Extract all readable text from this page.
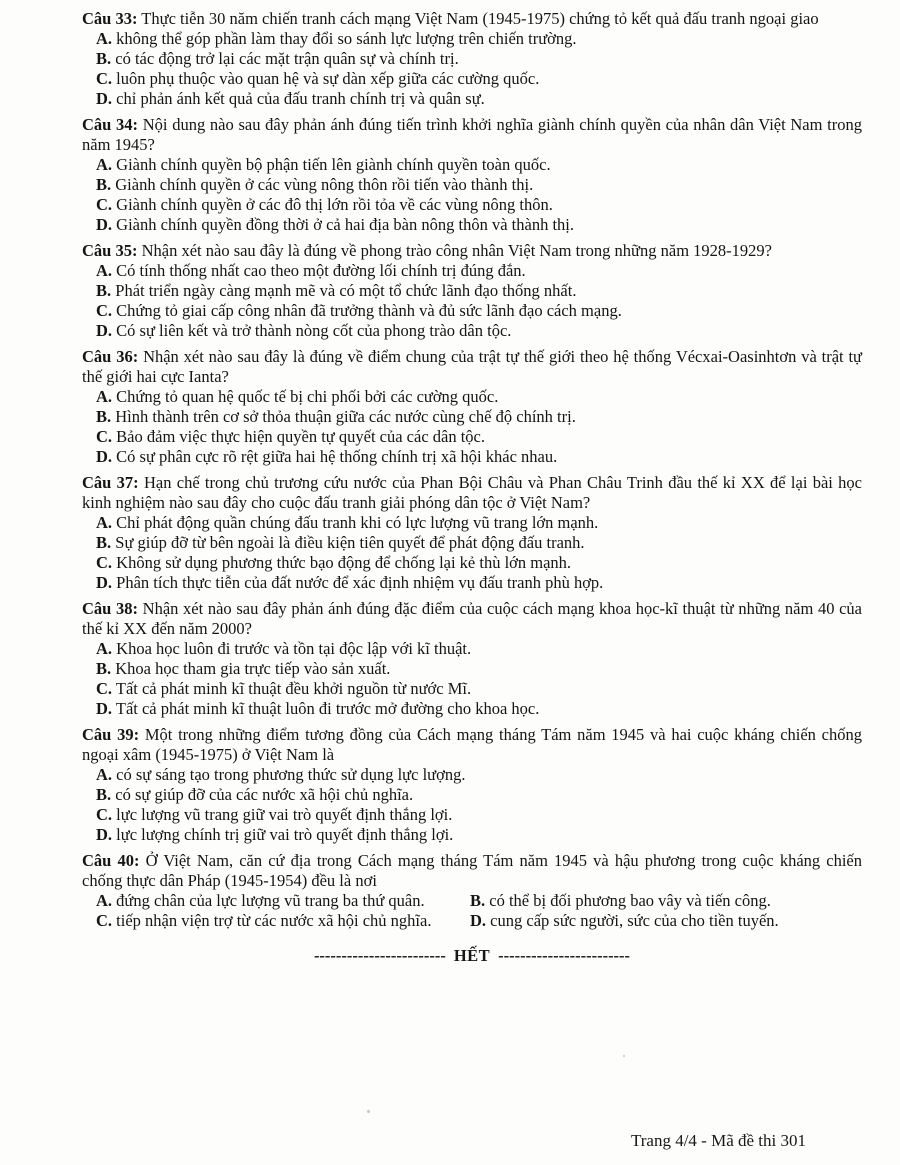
Câu 33: Thực tiễn 30 năm chiến tranh cách mạng Việt Nam (1945-1975) chứng tỏ kết quả đấu tranh ngoại giao

A. không thể góp phần làm thay đổi so sánh lực lượng trên chiến trường.

B. có tác động trở lại các mặt trận quân sự và chính trị.

C. luôn phụ thuộc vào quan hệ và sự dàn xếp giữa các cường quốc.

D. chỉ phản ánh kết quả của đấu tranh chính trị và quân sự.

Câu 34: Nội dung nào sau đây phản ánh đúng tiến trình khởi nghĩa giành chính quyền của nhân dân Việt Nam trong năm 1945?

A. Giành chính quyền bộ phận tiến lên giành chính quyền toàn quốc.

B. Giành chính quyền ở các vùng nông thôn rồi tiến vào thành thị.

C. Giành chính quyền ở các đô thị lớn rồi tỏa về các vùng nông thôn.

D. Giành chính quyền đồng thời ở cả hai địa bàn nông thôn và thành thị.

Câu 35: Nhận xét nào sau đây là đúng về phong trào công nhân Việt Nam trong những năm 1928-1929?

A. Có tính thống nhất cao theo một đường lối chính trị đúng đắn.

B. Phát triển ngày càng mạnh mẽ và có một tổ chức lãnh đạo thống nhất.

C. Chứng tỏ giai cấp công nhân đã trưởng thành và đủ sức lãnh đạo cách mạng.

D. Có sự liên kết và trở thành nòng cốt của phong trào dân tộc.

Câu 36: Nhận xét nào sau đây là đúng về điểm chung của trật tự thế giới theo hệ thống Vécxai-Oasinhtơn và trật tự thế giới hai cực Ianta?

A. Chứng tỏ quan hệ quốc tế bị chi phối bởi các cường quốc.

B. Hình thành trên cơ sở thỏa thuận giữa các nước cùng chế độ chính trị.

C. Bảo đảm việc thực hiện quyền tự quyết của các dân tộc.

D. Có sự phân cực rõ rệt giữa hai hệ thống chính trị xã hội khác nhau.

Câu 37: Hạn chế trong chủ trương cứu nước của Phan Bội Châu và Phan Châu Trinh đầu thế kỉ XX để lại bài học kinh nghiệm nào sau đây cho cuộc đấu tranh giải phóng dân tộc ở Việt Nam?

A. Chỉ phát động quần chúng đấu tranh khi có lực lượng vũ trang lớn mạnh.

B. Sự giúp đỡ từ bên ngoài là điều kiện tiên quyết để phát động đấu tranh.

C. Không sử dụng phương thức bạo động để chống lại kẻ thù lớn mạnh.

D. Phân tích thực tiễn của đất nước để xác định nhiệm vụ đấu tranh phù hợp.

Câu 38: Nhận xét nào sau đây phản ánh đúng đặc điểm của cuộc cách mạng khoa học-kĩ thuật từ những năm 40 của thế kỉ XX đến năm 2000?

A. Khoa học luôn đi trước và tồn tại độc lập với kĩ thuật.

B. Khoa học tham gia trực tiếp vào sản xuất.

C. Tất cả phát minh kĩ thuật đều khởi nguồn từ nước Mĩ.

D. Tất cả phát minh kĩ thuật luôn đi trước mở đường cho khoa học.

Câu 39: Một trong những điểm tương đồng của Cách mạng tháng Tám năm 1945 và hai cuộc kháng chiến chống ngoại xâm (1945-1975) ở Việt Nam là

A. có sự sáng tạo trong phương thức sử dụng lực lượng.

B. có sự giúp đỡ của các nước xã hội chủ nghĩa.

C. lực lượng vũ trang giữ vai trò quyết định thắng lợi.

D. lực lượng chính trị giữ vai trò quyết định thắng lợi.

Câu 40: Ở Việt Nam, căn cứ địa trong Cách mạng tháng Tám năm 1945 và hậu phương trong cuộc kháng chiến chống thực dân Pháp (1945-1954) đều là nơi

A. đứng chân của lực lượng vũ trang ba thứ quân.	B. có thể bị đối phương bao vây và tiến công.

C. tiếp nhận viện trợ từ các nước xã hội chủ nghĩa.	D. cung cấp sức người, sức của cho tiền tuyến.

------------------------ HẾT ------------------------
Trang 4/4 - Mã đề thi 301
